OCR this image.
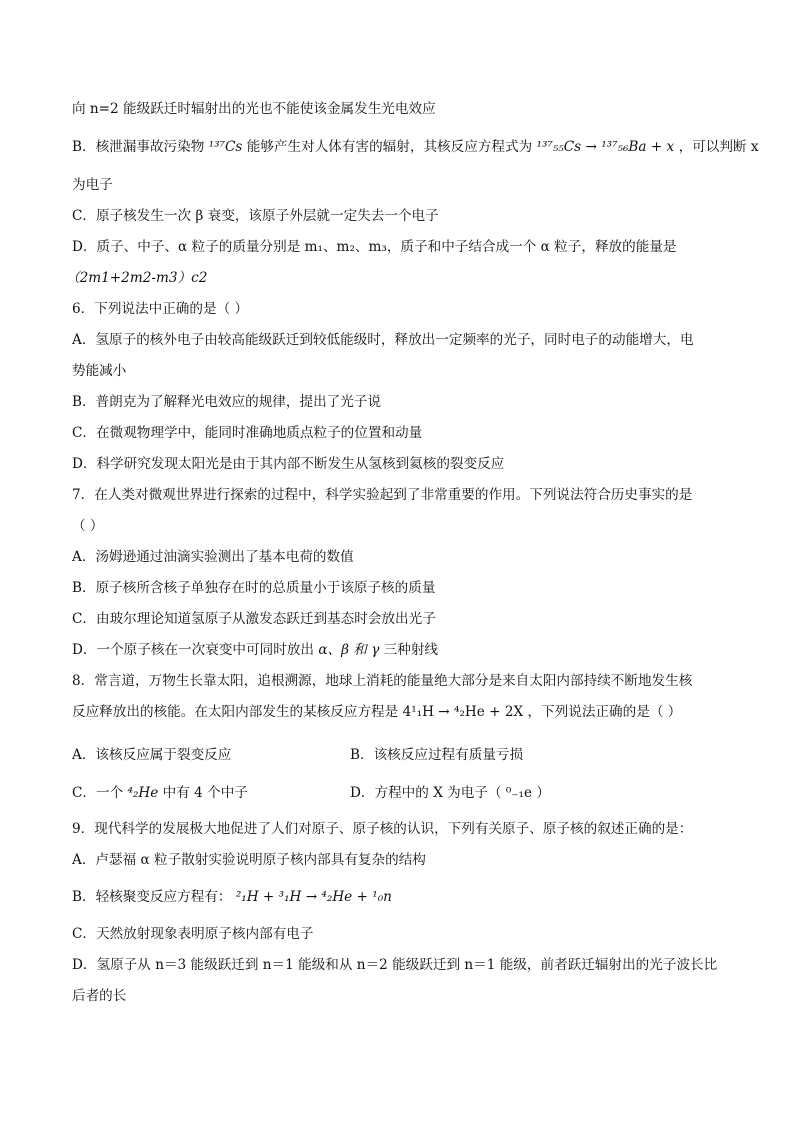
向 n=2 能级跃迁时辐射出的光也不能使该金属发生光电效应
B．核泄漏事故污染物 ¹³⁷Cs 能够产生对人体有害的辐射，其核反应方程式为 ¹³⁷₅₅Cs → ¹³⁷₅₆Ba + x ，可以判断 x
为电子
C．原子核发生一次 β 衰变，该原子外层就一定失去一个电子
D．质子、中子、α 粒子的质量分别是 m₁、m₂、m₃，质子和中子结合成一个 α 粒子，释放的能量是
（2m1+2m2-m3）c2
6．下列说法中正确的是（ ）
A．氢原子的核外电子由较高能级跃迁到较低能级时，释放出一定频率的光子，同时电子的动能增大，电
势能减小
B．普朗克为了解释光电效应的规律，提出了光子说
C．在微观物理学中，能同时准确地质点粒子的位置和动量
D．科学研究发现太阳光是由于其内部不断发生从氢核到氦核的裂变反应
7．在人类对微观世界进行探索的过程中，科学实验起到了非常重要的作用。下列说法符合历史事实的是
（ ）
A．汤姆逊通过油滴实验测出了基本电荷的数值
B．原子核所含核子单独存在时的总质量小于该原子核的质量
C．由玻尔理论知道氢原子从激发态跃迁到基态时会放出光子
D．一个原子核在一次衰变中可同时放出 α、β 和 γ 三种射线
8．常言道，万物生长靠太阳，追根溯源，地球上消耗的能量绝大部分是来自太阳内部持续不断地发生核
反应释放出的核能。在太阳内部发生的某核反应方程是 4¹₁H → ⁴₂He + 2X ，下列说法正确的是（ ）
A．该核反应属于裂变反应	B．该核反应过程有质量亏损
C．一个 ⁴₂He 中有 4 个中子	D．方程中的 X 为电子（ ⁰₋₁e ）
9．现代科学的发展极大地促进了人们对原子、原子核的认识，下列有关原子、原子核的叙述正确的是：
A．卢瑟福 α 粒子散射实验说明原子核内部具有复杂的结构
B．轻核聚变反应方程有： ²₁H + ³₁H → ⁴₂He + ¹₀n
C．天然放射现象表明原子核内部有电子
D．氢原子从 n＝3 能级跃迁到 n＝1 能级和从 n＝2 能级跃迁到 n＝1 能级，前者跃迁辐射出的光子波长比
后者的长
